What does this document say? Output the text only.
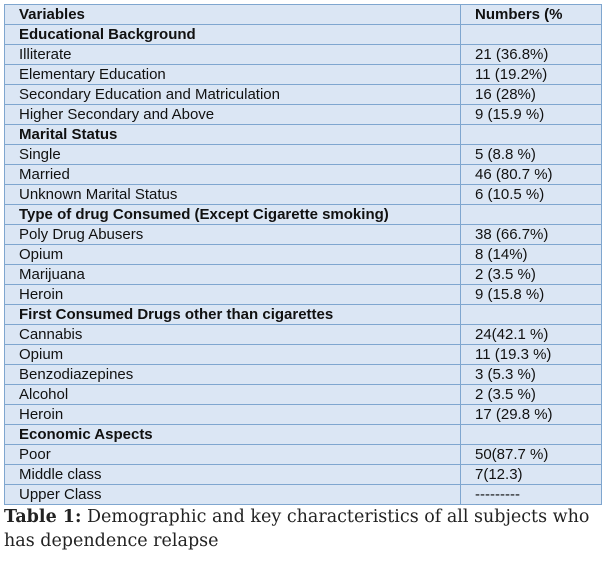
Variables	Numbers (%
Educational Background	
Illiterate	21 (36.8%)
Elementary Education	11 (19.2%)
Secondary Education and Matriculation	16 (28%)
Higher Secondary and Above	9 (15.9 %)
Marital Status	
Single	5 (8.8 %)
Married	46 (80.7 %)
Unknown Marital Status	6 (10.5 %)
Type of drug Consumed (Except Cigarette smoking)	
Poly Drug Abusers	38 (66.7%)
Opium	8 (14%)
Marijuana	2 (3.5 %)
Heroin	9 (15.8 %)
First Consumed Drugs other than cigarettes	
Cannabis	24(42.1 %)
Opium	11 (19.3 %)
Benzodiazepines	3 (5.3 %)
Alcohol	2 (3.5 %)
Heroin	17 (29.8 %)
Economic Aspects	
Poor	50(87.7 %)
Middle class	7(12.3)
Upper Class	---------
Table 1: Demographic and key characteristics of all subjects who has dependence relapse
